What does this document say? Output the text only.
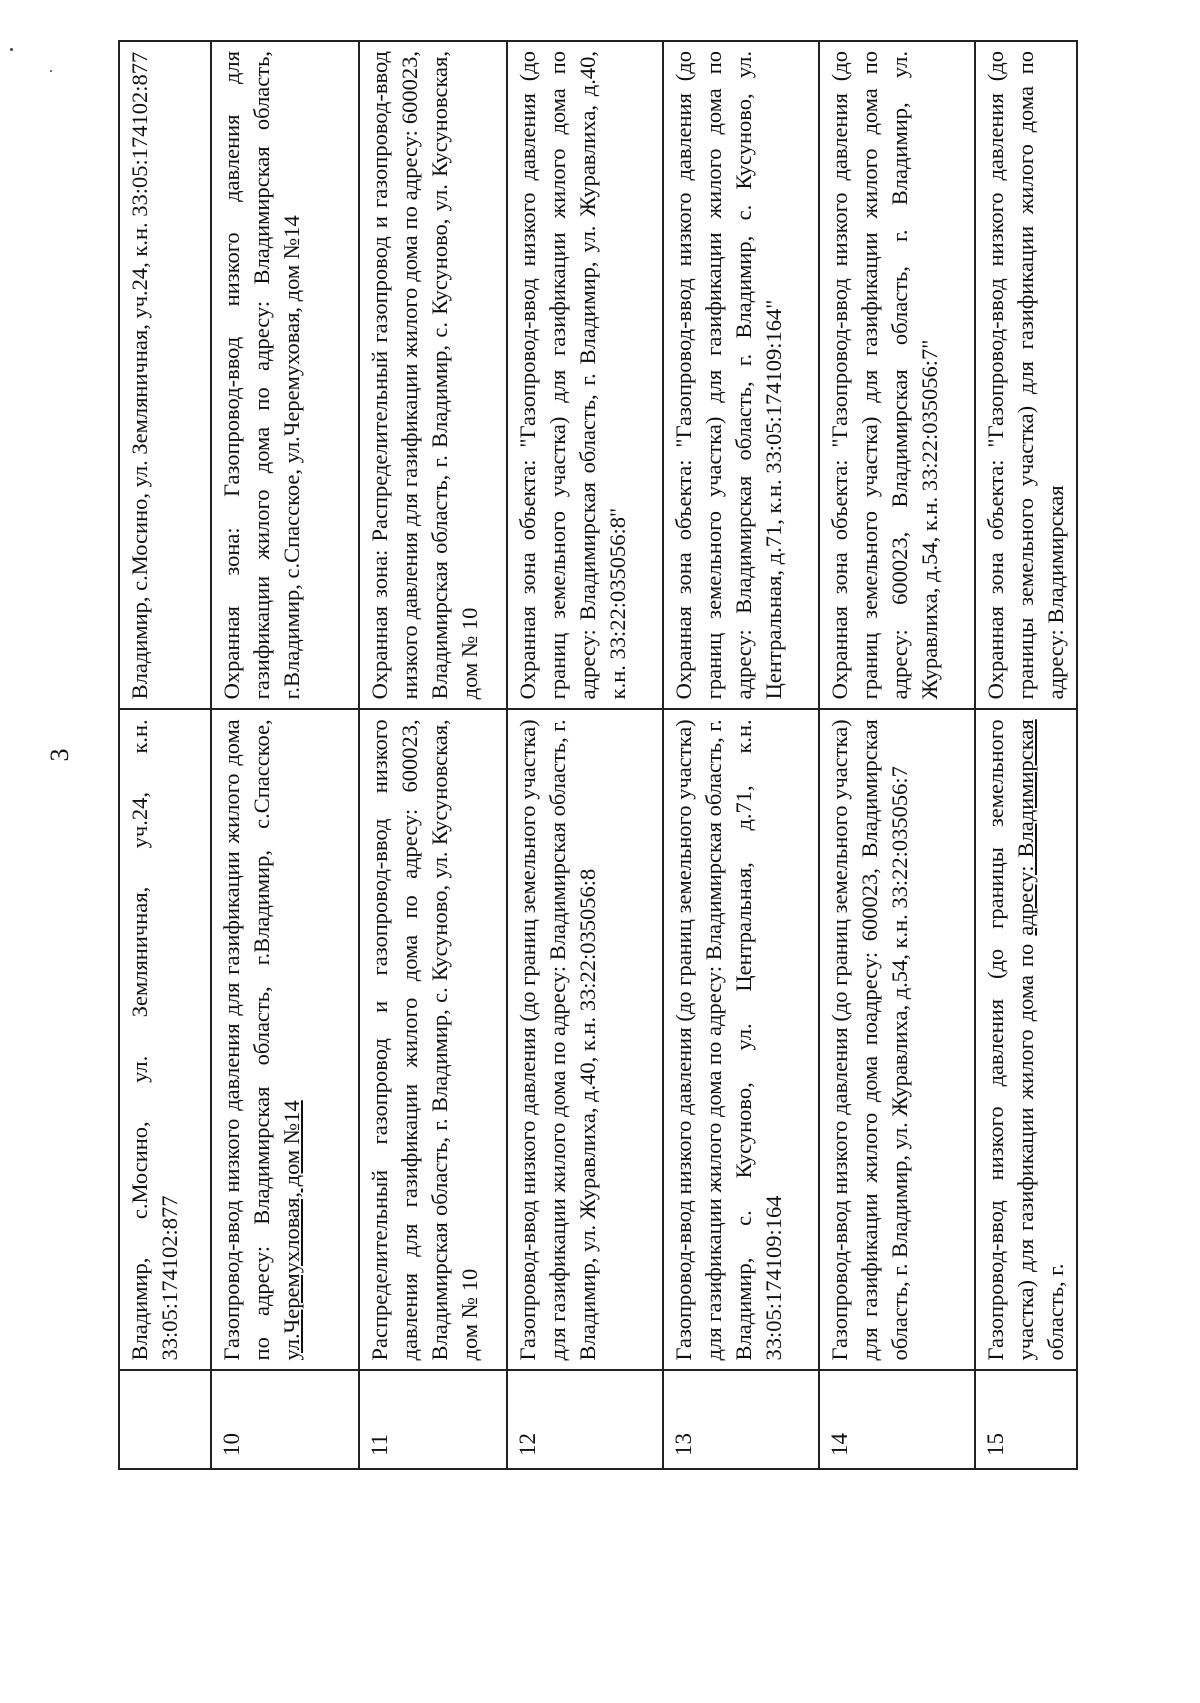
3
	Владимир, с.Мосино, ул. Земляничная, уч.24, к.н. 33:05:174102:877	Владимир, с.Мосино, ул. Земляничная, уч.24, к.н. 33:05:174102:877
10	Газопровод-ввод низкого давления для газификации жилого дома по адресу: Владимирская область, г.Владимир, с.Спасское, ул.Черемухловая, дом №14	Охранная зона: Газопровод-ввод низкого давления для газификации жилого дома по адресу: Владимирская область, г.Владимир, с.Спасское, ул.Черемуховая, дом №14
11	Распределительный газопровод и газопровод-ввод низкого давления для газификации жилого дома по адресу: 600023, Владимирская область, г. Владимир, с. Кусуново, ул. Кусуновская, дом № 10	Охранная зона: Распределительный газопровод и газопровод-ввод низкого давления для газификации жилого дома по адресу: 600023, Владимирская область, г. Владимир, с. Кусуново, ул. Кусуновская, дом № 10
12	Газопровод-ввод низкого давления (до границ земельного участка) для газификации жилого дома по адресу: Владимирская область, г. Владимир, ул. Журавлиха, д.40, к.н. 33:22:035056:8	Охранная зона объекта: "Газопровод-ввод низкого давления (до границ земельного участка) для газификации жилого дома по адресу: Владимирская область, г. Владимир, ул. Журавлиха, д.40, к.н. 33:22:035056:8"
13	Газопровод-ввод низкого давления (до границ земельного участка) для газификации жилого дома по адресу: Владимирская область, г. Владимир, с. Кусуново, ул. Центральная, д.71, к.н. 33:05:174109:164	Охранная зона объекта: "Газопровод-ввод низкого давления (до границ земельного участка) для газификации жилого дома по адресу: Владимирская область, г. Владимир, с. Кусуново, ул. Центральная, д.71, к.н. 33:05:174109:164"
14	Газопровод-ввод низкого давления (до границ земельного участка) для газификации жилого дома поадресу: 600023, Владимирская область, г. Владимир, ул. Журавлиха, д.54, к.н. 33:22:035056:7	Охранная зона объекта: "Газопровод-ввод низкого давления (до границ земельного участка) для газификации жилого дома по адресу: 600023, Владимирская область, г. Владимир, ул. Журавлиха, д.54, к.н. 33:22:035056:7"
15	Газопровод-ввод низкого давления (до границы земельного участка) для газификации жилого дома по адресу: Владимирская область, г.	Охранная зона объекта: "Газопровод-ввод низкого давления (до границы земельного участка) для газификации жилого дома по адресу: Владимирская
